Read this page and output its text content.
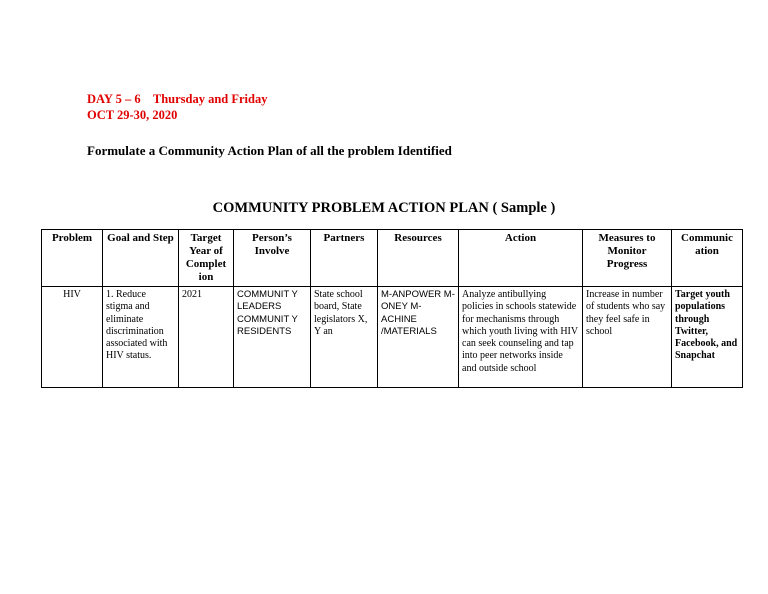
DAY 5 – 6    Thursday and Friday
OCT 29-30, 2020
Formulate a Community Action Plan of all the problem Identified
COMMUNITY PROBLEM ACTION PLAN ( Sample )
Problem	Goal and Step	Target Year of Complet ion	Person’s Involve	Partners	Resources	Action	Measures to Monitor Progress	Communic ation
HIV	1. Reduce stigma and eliminate discrimination associated with HIV status.	2021	COMMUNIT Y LEADERS COMMUNIT Y RESIDENTS	State school board, State legislators X, Y an	M-ANPOWER M-ONEY M-ACHINE /MATERIALS	Analyze antibullying policies in schools statewide for mechanisms through which youth living with HIV can seek counseling and tap into peer networks inside and outside school	Increase in number of students who say they feel safe in school	Target youth populations through Twitter, Facebook, and Snapchat
